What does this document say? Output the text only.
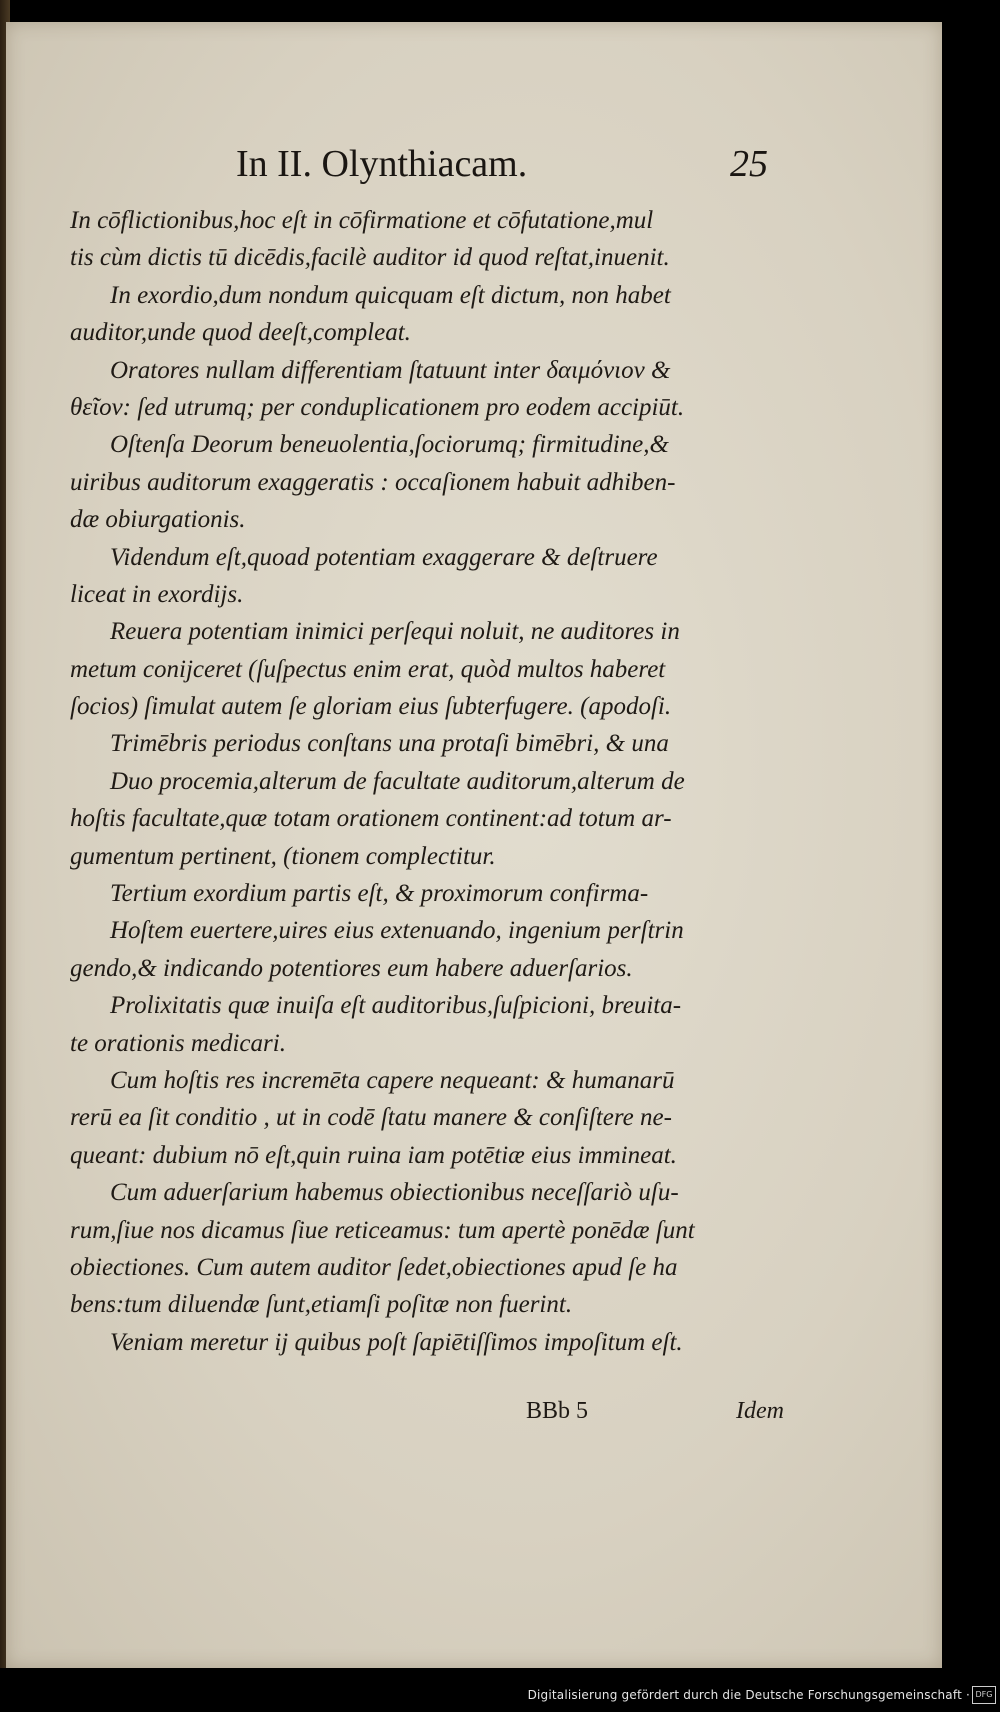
In II. Olynthiacam.	25
In cōflictionibus,hoc eſt in cōfirmatione et cōfutatione,mul
tis cùm dictis tū dicēdis,facilè auditor id quod reſtat,inuenit.
In exordio,dum nondum quicquam eſt dictum, non habet
auditor,unde quod deeſt,compleat.
Oratores nullam differentiam ſtatuunt inter δαιμόνιον &
θεῖον: ſed utrumq; per conduplicationem pro eodem accipiūt.
Oſtenſa Deorum beneuolentia,ſociorumq; firmitudine,&
uiribus auditorum exaggeratis : occaſionem habuit adhiben-
dæ obiurgationis.
Videndum eſt,quoad potentiam exaggerare & deſtruere
liceat in exordijs.
Reuera potentiam inimici perſequi noluit, ne auditores in
metum conijceret (ſuſpectus enim erat, quòd multos haberet
ſocios) ſimulat autem ſe gloriam eius ſubterfugere. (apodoſi.
Trimēbris periodus conſtans una protaſi bimēbri, & una
Duo procemia,alterum de facultate auditorum,alterum de
hoſtis facultate,quæ totam orationem continent:ad totum ar-
gumentum pertinent, (tionem complectitur.
Tertium exordium partis eſt, & proximorum confirma-
Hoſtem euertere,uires eius extenuando, ingenium perſtrin
gendo,& indicando potentiores eum habere aduerſarios.
Prolixitatis quæ inuiſa eſt auditoribus,ſuſpicioni, breuita-
te orationis medicari.
Cum hoſtis res incremēta capere nequeant: & humanarū
rerū ea ſit conditio , ut in codē ſtatu manere & conſiſtere ne-
queant: dubium nō eſt,quin ruina iam potētiæ eius immineat.
Cum aduerſarium habemus obiectionibus neceſſariò uſu-
rum,ſiue nos dicamus ſiue reticeamus: tum apertè ponēdæ ſunt
obiectiones. Cum autem auditor ſedet,obiectiones apud ſe ha
bens:tum diluendæ ſunt,etiamſi poſitæ non fuerint.
Veniam meretur ij quibus poſt ſapiētiſſimos impoſitum eſt.
BBb 5	Idem
Digitalisierung gefördert durch die Deutsche Forschungsgemeinschaft · DFG
